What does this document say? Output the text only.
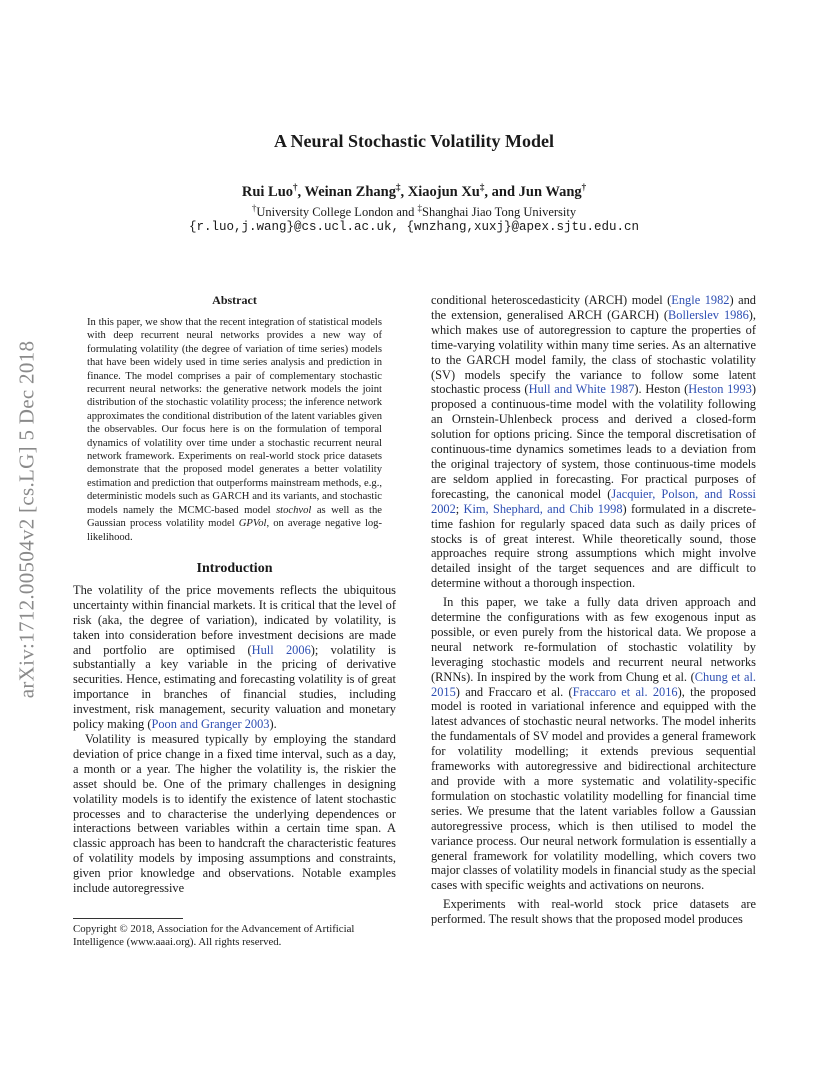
arXiv:1712.00504v2 [cs.LG] 5 Dec 2018
A Neural Stochastic Volatility Model
Rui Luo†, Weinan Zhang‡, Xiaojun Xu‡, and Jun Wang†
†University College London and ‡Shanghai Jiao Tong University
{r.luo,j.wang}@cs.ucl.ac.uk, {wnzhang,xuxj}@apex.sjtu.edu.cn
Abstract

In this paper, we show that the recent integration of statistical models with deep recurrent neural networks provides a new way of formulating volatility (the degree of variation of time series) models that have been widely used in time series analysis and prediction in finance. The model comprises a pair of complementary stochastic recurrent neural networks: the generative network models the joint distribution of the stochastic volatility process; the inference network approximates the conditional distribution of the latent variables given the observables. Our focus here is on the formulation of temporal dynamics of volatility over time under a stochastic recurrent neural network framework. Experiments on real-world stock price datasets demonstrate that the proposed model generates a better volatility estimation and prediction that outperforms mainstream methods, e.g., deterministic models such as GARCH and its variants, and stochastic models namely the MCMC-based model stochvol as well as the Gaussian process volatility model GPVol, on average negative log-likelihood.

Introduction

The volatility of the price movements reflects the ubiquitous uncertainty within financial markets. It is critical that the level of risk (aka, the degree of variation), indicated by volatility, is taken into consideration before investment decisions are made and portfolio are optimised (Hull 2006); volatility is substantially a key variable in the pricing of derivative securities. Hence, estimating and forecasting volatility is of great importance in branches of financial studies, including investment, risk management, security valuation and monetary policy making (Poon and Granger 2003).

Volatility is measured typically by employing the standard deviation of price change in a fixed time interval, such as a day, a month or a year. The higher the volatility is, the riskier the asset should be. One of the primary challenges in designing volatility models is to identify the existence of latent stochastic processes and to characterise the underlying dependences or interactions between variables within a certain time span. A classic approach has been to handcraft the characteristic features of volatility models by imposing assumptions and constraints, given prior knowledge and observations. Notable examples include autoregressive

Copyright © 2018, Association for the Advancement of Artificial Intelligence (www.aaai.org). All rights reserved.

conditional heteroscedasticity (ARCH) model (Engle 1982) and the extension, generalised ARCH (GARCH) (Bollerslev 1986), which makes use of autoregression to capture the properties of time-varying volatility within many time series. As an alternative to the GARCH model family, the class of stochastic volatility (SV) models specify the variance to follow some latent stochastic process (Hull and White 1987). Heston (Heston 1993) proposed a continuous-time model with the volatility following an Ornstein-Uhlenbeck process and derived a closed-form solution for options pricing. Since the temporal discretisation of continuous-time dynamics sometimes leads to a deviation from the original trajectory of system, those continuous-time models are seldom applied in forecasting. For practical purposes of forecasting, the canonical model (Jacquier, Polson, and Rossi 2002; Kim, Shephard, and Chib 1998) formulated in a discrete-time fashion for regularly spaced data such as daily prices of stocks is of great interest. While theoretically sound, those approaches require strong assumptions which might involve detailed insight of the target sequences and are difficult to determine without a thorough inspection.

In this paper, we take a fully data driven approach and determine the configurations with as few exogenous input as possible, or even purely from the historical data. We propose a neural network re-formulation of stochastic volatility by leveraging stochastic models and recurrent neural networks (RNNs). In inspired by the work from Chung et al. (Chung et al. 2015) and Fraccaro et al. (Fraccaro et al. 2016), the proposed model is rooted in variational inference and equipped with the latest advances of stochastic neural networks. The model inherits the fundamentals of SV model and provides a general framework for volatility modelling; it extends previous sequential frameworks with autoregressive and bidirectional architecture and provide with a more systematic and volatility-specific formulation on stochastic volatility modelling for financial time series. We presume that the latent variables follow a Gaussian autoregressive process, which is then utilised to model the variance process. Our neural network formulation is essentially a general framework for volatility modelling, which covers two major classes of volatility models in financial study as the special cases with specific weights and activations on neurons.

Experiments with real-world stock price datasets are performed. The result shows that the proposed model produces
